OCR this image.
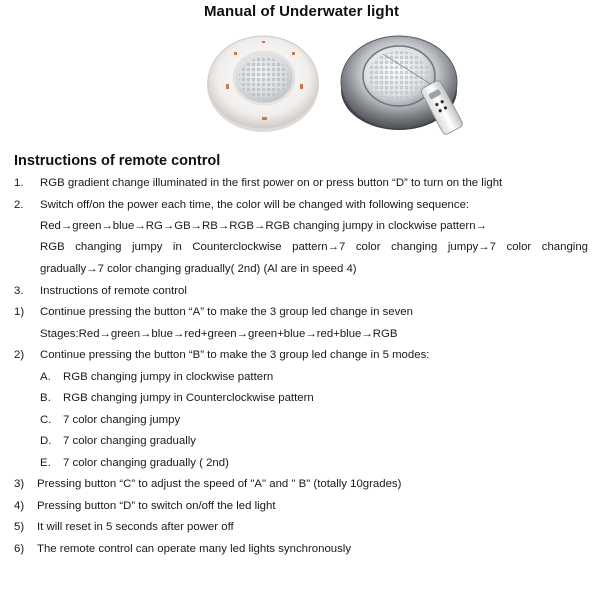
Manual of Underwater light
Instructions of remote control
1. RGB gradient change illuminated in the first power on or press button “D” to turn on the light
2. Switch off/on the power each time, the color will be changed with following sequence:
Red→green→blue→RG→GB→RB→RGB→RGB changing jumpy in clockwise pattern→
RGB changing jumpy in Counterclockwise pattern→7 color changing jumpy→7 color changing
gradually→7 color changing gradually( 2nd) (Al are in speed 4)
3. Instructions of remote control
1) Continue pressing the button “A” to make the 3 group led change in seven
Stages:Red→green→blue→red+green→green+blue→red+blue→RGB
2) Continue pressing the button “B” to make the 3 group led change in 5 modes:
A. RGB changing jumpy in clockwise pattern
B. RGB changing jumpy in Counterclockwise pattern
C. 7 color changing jumpy
D. 7 color changing gradually
E. 7 color changing gradually ( 2nd)
3) Pressing button “C” to adjust the speed of "A" and " B" (totally 10grades)
4) Pressing button “D” to switch on/off the led light
5) It will reset in 5 seconds after power off
6) The remote control can operate many led lights synchronously
